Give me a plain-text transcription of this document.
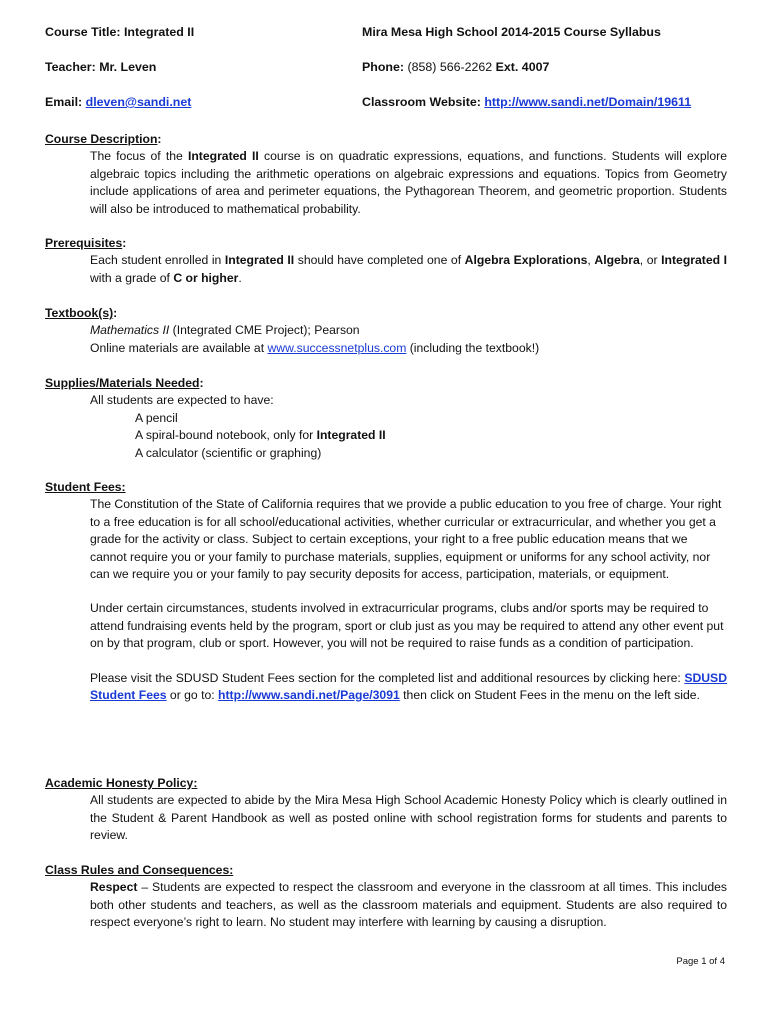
Course Title: Integrated II	Mira Mesa High School 2014-2015 Course Syllabus
Teacher: Mr. Leven	Phone: (858) 566-2262 Ext. 4007
Email: dleven@sandi.net	Classroom Website: http://www.sandi.net/Domain/19611
Course Description:
The focus of the Integrated II course is on quadratic expressions, equations, and functions. Students will explore algebraic topics including the arithmetic operations on algebraic expressions and equations. Topics from Geometry include applications of area and perimeter equations, the Pythagorean Theorem, and geometric proportion. Students will also be introduced to mathematical probability.
Prerequisites:
Each student enrolled in Integrated II should have completed one of Algebra Explorations, Algebra, or Integrated I with a grade of C or higher.
Textbook(s):
Mathematics II (Integrated CME Project); Pearson
Online materials are available at www.successnetplus.com (including the textbook!)
Supplies/Materials Needed:
All students are expected to have:
A pencil
A spiral-bound notebook, only for Integrated II
A calculator (scientific or graphing)
Student Fees:
The Constitution of the State of California requires that we provide a public education to you free of charge. Your right to a free education is for all school/educational activities, whether curricular or extracurricular, and whether you get a grade for the activity or class. Subject to certain exceptions, your right to a free public education means that we cannot require you or your family to purchase materials, supplies, equipment or uniforms for any school activity, nor can we require you or your family to pay security deposits for access, participation, materials, or equipment.
Under certain circumstances, students involved in extracurricular programs, clubs and/or sports may be required to attend fundraising events held by the program, sport or club just as you may be required to attend any other event put on by that program, club or sport. However, you will not be required to raise funds as a condition of participation.
Please visit the SDUSD Student Fees section for the completed list and additional resources by clicking here: SDUSD Student Fees or go to: http://www.sandi.net/Page/3091 then click on Student Fees in the menu on the left side.
Academic Honesty Policy:
All students are expected to abide by the Mira Mesa High School Academic Honesty Policy which is clearly outlined in the Student & Parent Handbook as well as posted online with school registration forms for students and parents to review.
Class Rules and Consequences:
Respect – Students are expected to respect the classroom and everyone in the classroom at all times. This includes both other students and teachers, as well as the classroom materials and equipment. Students are also required to respect everyone’s right to learn. No student may interfere with learning by causing a disruption.
Page 1 of 4
